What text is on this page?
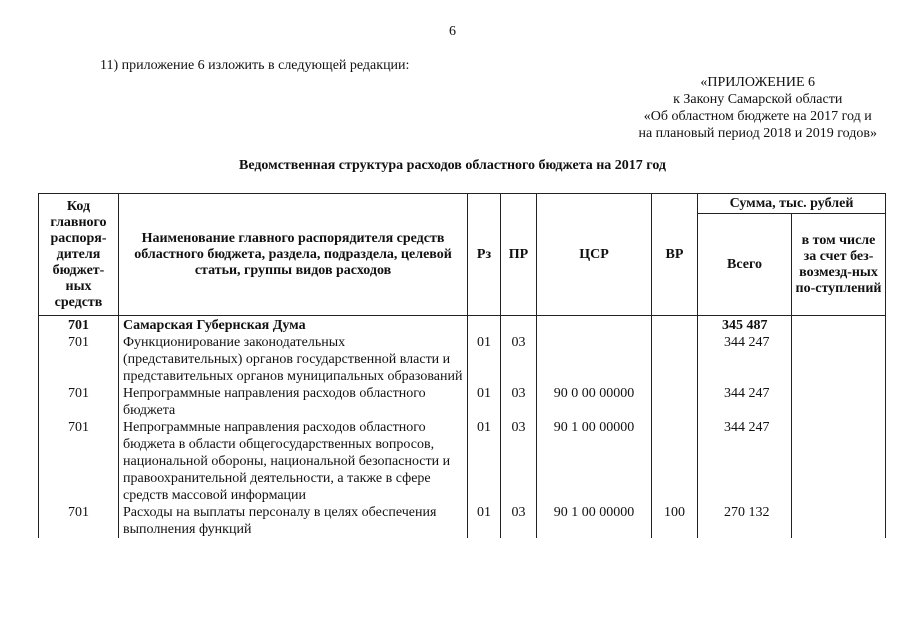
6
11) приложение 6 изложить в следующей редакции:
«ПРИЛОЖЕНИЕ 6
к Закону Самарской области
«Об областном бюджете на 2017 год и
на плановый период 2018 и 2019 годов»
Ведомственная структура расходов областного бюджета на 2017 год
Код главного распоря-дителя бюджет-ных средств	Наименование главного распорядителя средств областного бюджета, раздела, подраздела, целевой статьи, группы видов расходов	Рз	ПР	ЦСР	ВР	Сумма, тыс. рублей	
						Всего	в том числе за счет без-возмезд-ных по-ступлений
701	Самарская Губернская Дума					345 487	
701	Функционирование законодательных (представительных) органов государственной власти и представительных органов муниципальных образований	01	03			344 247	
701	Непрограммные направления расходов областного бюджета	01	03	90 0 00 00000		344 247	
701	Непрограммные направления расходов областного бюджета в области общегосударственных вопросов, национальной обороны, национальной безопасности и правоохранительной деятельности, а также в сфере средств массовой информации	01	03	90 1 00 00000		344 247	
701	Расходы на выплаты персоналу в целях обеспечения выполнения функций	01	03	90 1 00 00000	100	270 132	
